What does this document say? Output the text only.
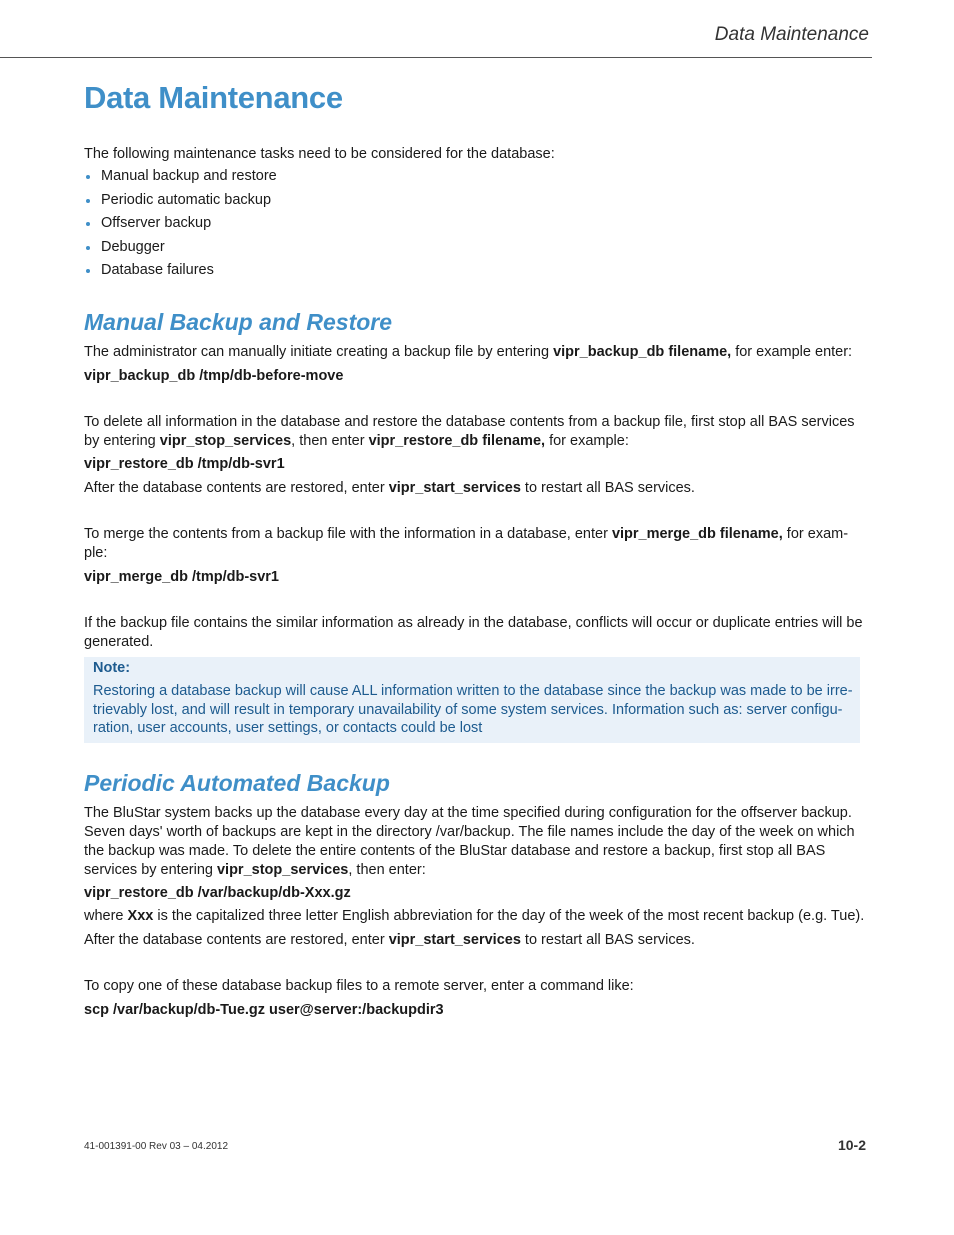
Data Maintenance
Data Maintenance

The following maintenance tasks need to be considered for the database:

Manual backup and restore
Periodic automatic backup
Offserver backup
Debugger
Database failures
Manual Backup and Restore

The administrator can manually initiate creating a backup file by entering vipr_backup_db filename, for example enter:

vipr_backup_db /tmp/db-before-move

To delete all information in the database and restore the database contents from a backup file, first stop all BAS services by entering vipr_stop_services, then enter vipr_restore_db filename, for example:

vipr_restore_db /tmp/db-svr1

After the database contents are restored, enter vipr_start_services to restart all BAS services.

To merge the contents from a backup file with the information in a database, enter vipr_merge_db filename, for exam-ple:

vipr_merge_db /tmp/db-svr1

If the backup file contains the similar information as already in the database, conflicts will occur or duplicate entries will be generated.

Note:
Restoring a database backup will cause ALL information written to the database since the backup was made to be irre-trievably lost, and will result in temporary unavailability of some system services. Information such as: server configu-ration, user accounts, user settings, or contacts could be lost
Periodic Automated Backup

The BluStar system backs up the database every day at the time specified during configuration for the offserver backup. Seven days' worth of backups are kept in the directory /var/backup. The file names include the day of the week on which the backup was made. To delete the entire contents of the BluStar database and restore a backup, first stop all BAS services by entering vipr_stop_services, then enter:

vipr_restore_db /var/backup/db-Xxx.gz

where Xxx is the capitalized three letter English abbreviation for the day of the week of the most recent backup (e.g. Tue).

After the database contents are restored, enter vipr_start_services to restart all BAS services.

To copy one of these database backup files to a remote server, enter a command like:

scp /var/backup/db-Tue.gz user@server:/backupdir3

41-001391-00 Rev 03 – 04.2012	10-2
